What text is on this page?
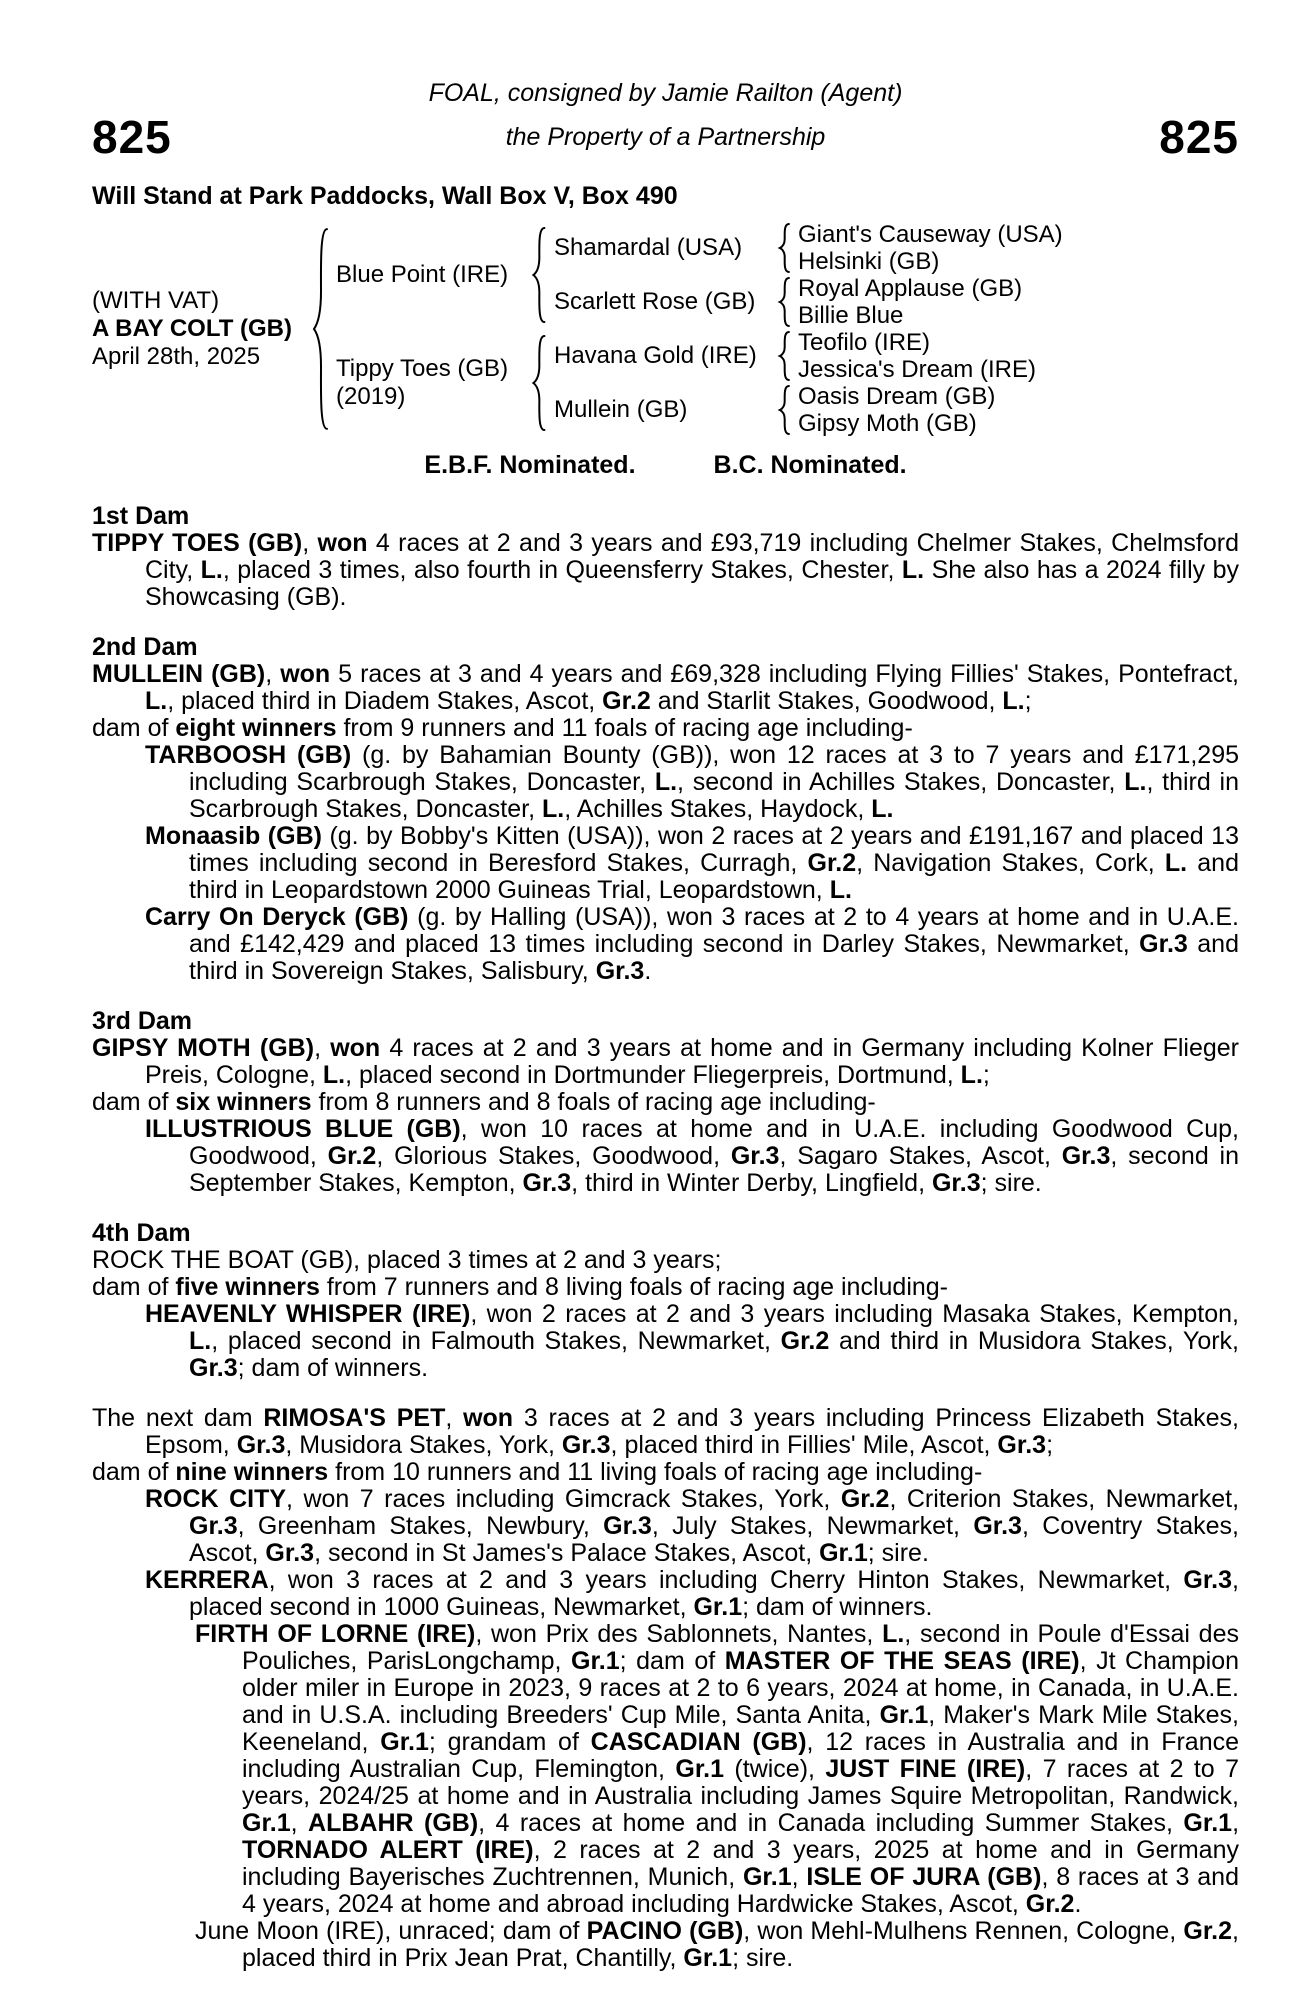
FOAL, consigned by Jamie Railton (Agent)
825	the Property of a Partnership	825
Will Stand at Park Paddocks, Wall Box V, Box 490
(WITH VAT)
A BAY COLT (GB)
April 28th, 2025
Blue Point (IRE)
Tippy Toes (GB)
(2019)
Shamardal (USA)
Scarlett Rose (GB)
Havana Gold (IRE)
Mullein (GB)
Giant's Causeway (USA)
Helsinki (GB)
Royal Applause (GB)
Billie Blue
Teofilo (IRE)
Jessica's Dream (IRE)
Oasis Dream (GB)
Gipsy Moth (GB)
E.B.F. Nominated.	B.C. Nominated.

1st Dam

TIPPY TOES (GB), won 4 races at 2 and 3 years and £93,719 including Chelmer Stakes, Chelmsford City, L., placed 3 times, also fourth in Queensferry Stakes, Chester, L. She also has a 2024 filly by Showcasing (GB).

2nd Dam

MULLEIN (GB), won 5 races at 3 and 4 years and £69,328 including Flying Fillies' Stakes, Pontefract, L., placed third in Diadem Stakes, Ascot, Gr.2 and Starlit Stakes, Goodwood, L.;

dam of eight winners from 9 runners and 11 foals of racing age including-

TARBOOSH (GB) (g. by Bahamian Bounty (GB)), won 12 races at 3 to 7 years and £171,295 including Scarbrough Stakes, Doncaster, L., second in Achilles Stakes, Doncaster, L., third in Scarbrough Stakes, Doncaster, L., Achilles Stakes, Haydock, L.

Monaasib (GB) (g. by Bobby's Kitten (USA)), won 2 races at 2 years and £191,167 and placed 13 times including second in Beresford Stakes, Curragh, Gr.2, Navigation Stakes, Cork, L. and third in Leopardstown 2000 Guineas Trial, Leopardstown, L.

Carry On Deryck (GB) (g. by Halling (USA)), won 3 races at 2 to 4 years at home and in U.A.E. and £142,429 and placed 13 times including second in Darley Stakes, Newmarket, Gr.3 and third in Sovereign Stakes, Salisbury, Gr.3.

3rd Dam

GIPSY MOTH (GB), won 4 races at 2 and 3 years at home and in Germany including Kolner Flieger Preis, Cologne, L., placed second in Dortmunder Fliegerpreis, Dortmund, L.;

dam of six winners from 8 runners and 8 foals of racing age including-

ILLUSTRIOUS BLUE (GB), won 10 races at home and in U.A.E. including Goodwood Cup, Goodwood, Gr.2, Glorious Stakes, Goodwood, Gr.3, Sagaro Stakes, Ascot, Gr.3, second in September Stakes, Kempton, Gr.3, third in Winter Derby, Lingfield, Gr.3; sire.

4th Dam

ROCK THE BOAT (GB), placed 3 times at 2 and 3 years;

dam of five winners from 7 runners and 8 living foals of racing age including-

HEAVENLY WHISPER (IRE), won 2 races at 2 and 3 years including Masaka Stakes, Kempton, L., placed second in Falmouth Stakes, Newmarket, Gr.2 and third in Musidora Stakes, York, Gr.3; dam of winners.

The next dam RIMOSA'S PET, won 3 races at 2 and 3 years including Princess Elizabeth Stakes, Epsom, Gr.3, Musidora Stakes, York, Gr.3, placed third in Fillies' Mile, Ascot, Gr.3;

dam of nine winners from 10 runners and 11 living foals of racing age including-

ROCK CITY, won 7 races including Gimcrack Stakes, York, Gr.2, Criterion Stakes, Newmarket, Gr.3, Greenham Stakes, Newbury, Gr.3, July Stakes, Newmarket, Gr.3, Coventry Stakes, Ascot, Gr.3, second in St James's Palace Stakes, Ascot, Gr.1; sire.

KERRERA, won 3 races at 2 and 3 years including Cherry Hinton Stakes, Newmarket, Gr.3, placed second in 1000 Guineas, Newmarket, Gr.1; dam of winners.

FIRTH OF LORNE (IRE), won Prix des Sablonnets, Nantes, L., second in Poule d'Essai des Pouliches, ParisLongchamp, Gr.1; dam of MASTER OF THE SEAS (IRE), Jt Champion older miler in Europe in 2023, 9 races at 2 to 6 years, 2024 at home, in Canada, in U.A.E. and in U.S.A. including Breeders' Cup Mile, Santa Anita, Gr.1, Maker's Mark Mile Stakes, Keeneland, Gr.1; grandam of CASCADIAN (GB), 12 races in Australia and in France including Australian Cup, Flemington, Gr.1 (twice), JUST FINE (IRE), 7 races at 2 to 7 years, 2024/25 at home and in Australia including James Squire Metropolitan, Randwick, Gr.1, ALBAHR (GB), 4 races at home and in Canada including Summer Stakes, Gr.1, TORNADO ALERT (IRE), 2 races at 2 and 3 years, 2025 at home and in Germany including Bayerisches Zuchtrennen, Munich, Gr.1, ISLE OF JURA (GB), 8 races at 3 and 4 years, 2024 at home and abroad including Hardwicke Stakes, Ascot, Gr.2.

June Moon (IRE), unraced; dam of PACINO (GB), won Mehl-Mulhens Rennen, Cologne, Gr.2, placed third in Prix Jean Prat, Chantilly, Gr.1; sire.
